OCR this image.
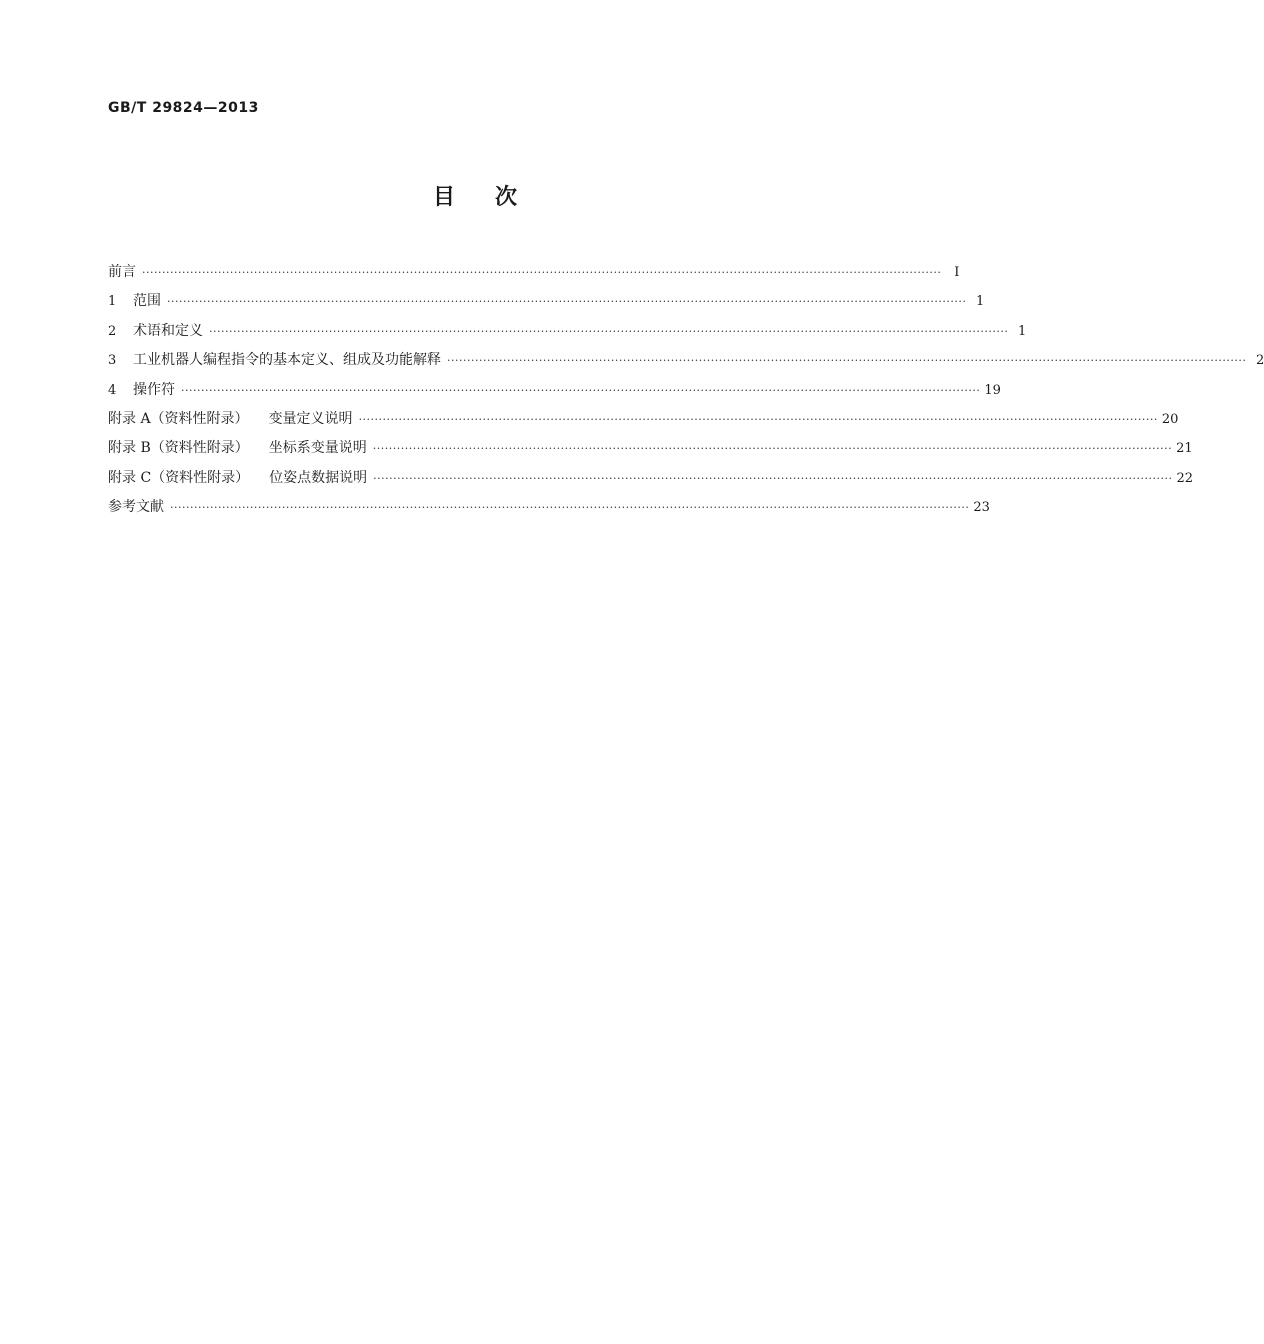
GB/T 29824—2013
目次
前言 ········································································································································································································ Ⅰ
1	范围 ········································································································································································································ 1
2	术语和定义 ········································································································································································································ 1
3	工业机器人编程指令的基本定义、组成及功能解释 ········································································································································································································ 2
4	操作符 ········································································································································································································ 19
附录 A（资料性附录） 变量定义说明 ········································································································································································································ 20
附录 B（资料性附录） 坐标系变量说明 ········································································································································································································ 21
附录 C（资料性附录） 位姿点数据说明 ········································································································································································································ 22
参考文献 ········································································································································································································ 23
